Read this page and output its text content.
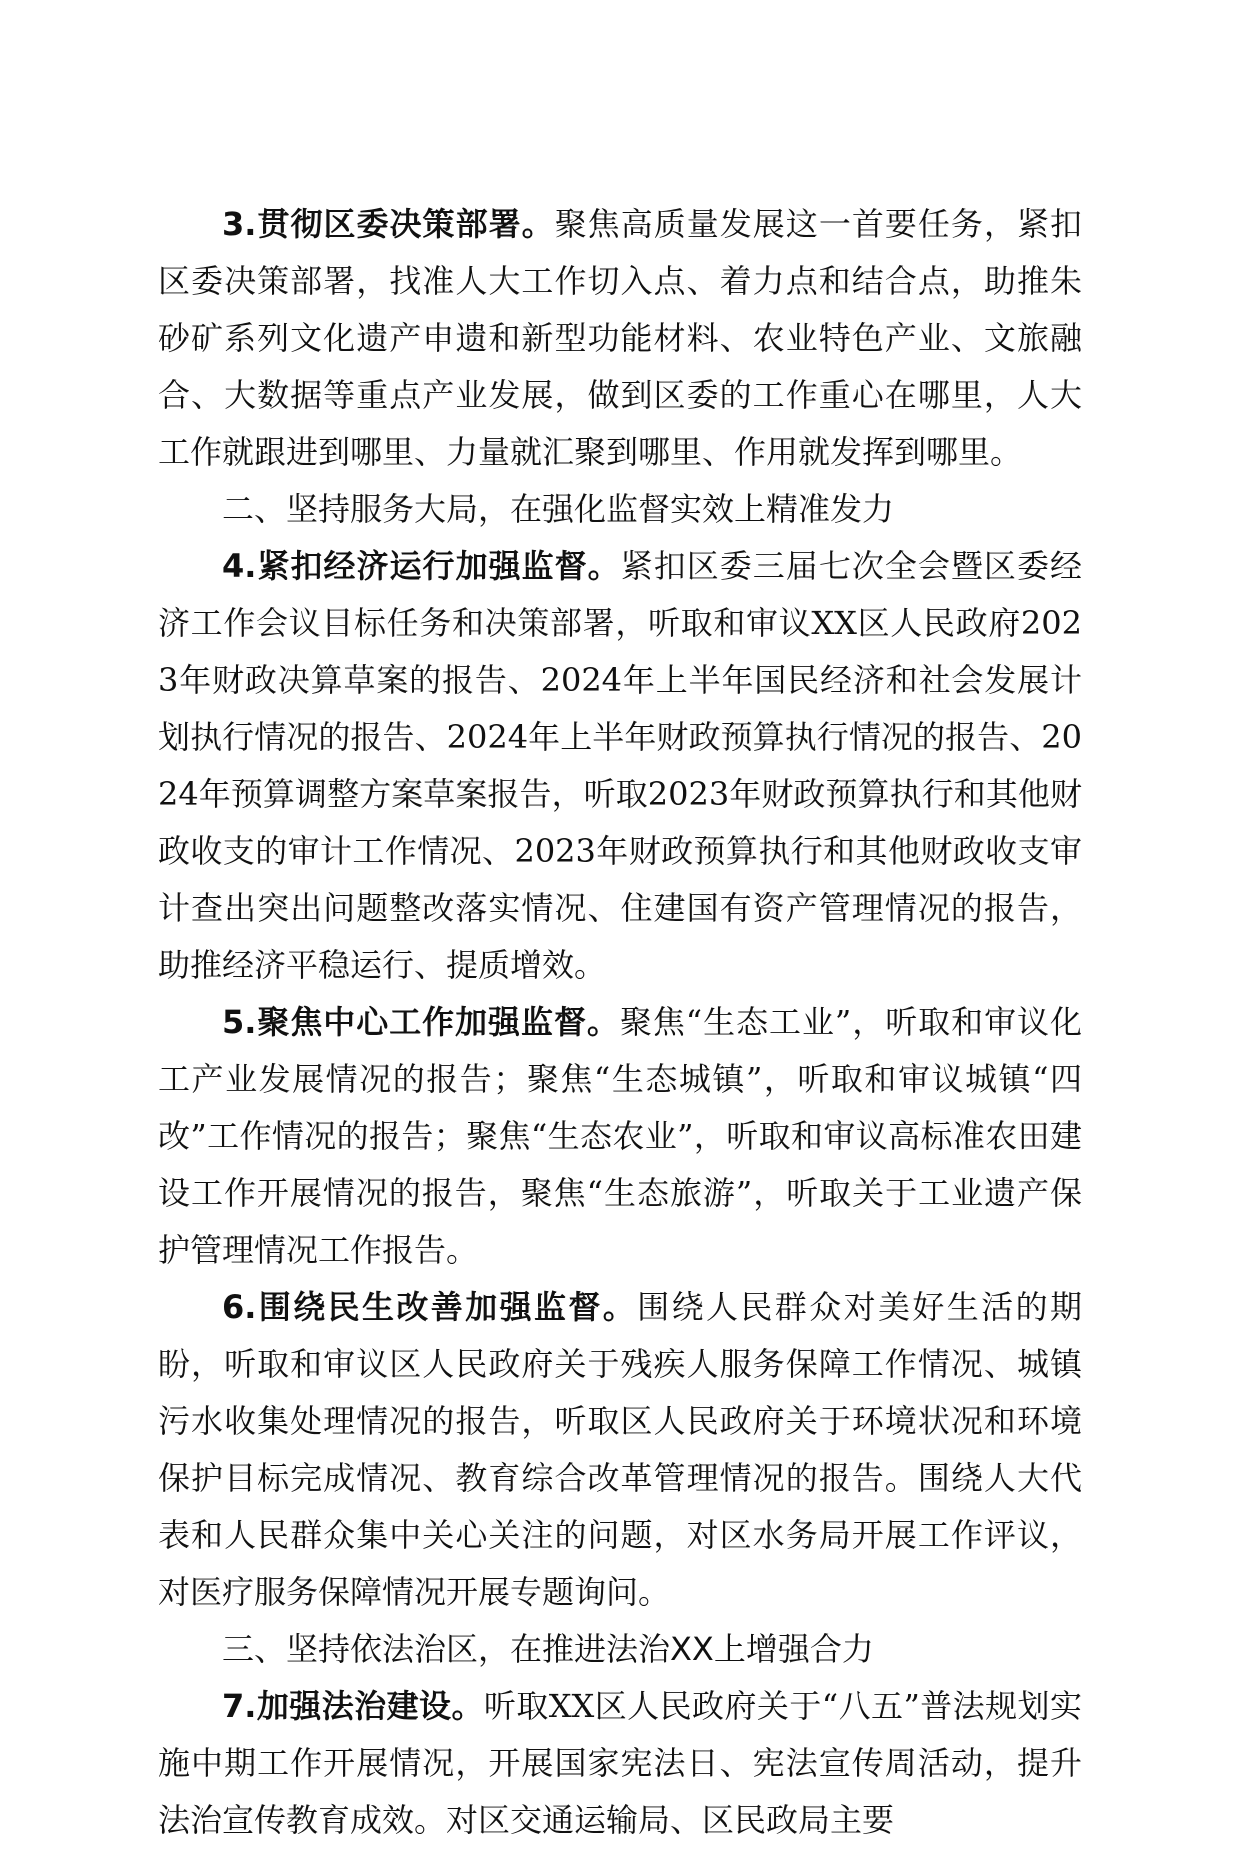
3.贯彻区委决策部署。聚焦高质量发展这一首要任务，紧扣区委决策部署，找准人大工作切入点、着力点和结合点，助推朱砂矿系列文化遗产申遗和新型功能材料、农业特色产业、文旅融合、大数据等重点产业发展，做到区委的工作重心在哪里，人大工作就跟进到哪里、力量就汇聚到哪里、作用就发挥到哪里。

二、坚持服务大局，在强化监督实效上精准发力

4.紧扣经济运行加强监督。紧扣区委三届七次全会暨区委经济工作会议目标任务和决策部署，听取和审议XX区人民政府2023年财政决算草案的报告、2024年上半年国民经济和社会发展计划执行情况的报告、2024年上半年财政预算执行情况的报告、2024年预算调整方案草案报告，听取2023年财政预算执行和其他财政收支的审计工作情况、2023年财政预算执行和其他财政收支审计查出突出问题整改落实情况、住建国有资产管理情况的报告，助推经济平稳运行、提质增效。

5.聚焦中心工作加强监督。聚焦“生态工业”，听取和审议化工产业发展情况的报告；聚焦“生态城镇”，听取和审议城镇“四改”工作情况的报告；聚焦“生态农业”，听取和审议高标准农田建设工作开展情况的报告，聚焦“生态旅游”，听取关于工业遗产保护管理情况工作报告。

6.围绕民生改善加强监督。围绕人民群众对美好生活的期盼，听取和审议区人民政府关于残疾人服务保障工作情况、城镇污水收集处理情况的报告，听取区人民政府关于环境状况和环境保护目标完成情况、教育综合改革管理情况的报告。围绕人大代表和人民群众集中关心关注的问题，对区水务局开展工作评议，对医疗服务保障情况开展专题询问。

三、坚持依法治区，在推进法治XX上增强合力

7.加强法治建设。听取XX区人民政府关于“八五”普法规划实施中期工作开展情况，开展国家宪法日、宪法宣传周活动，提升法治宣传教育成效。对区交通运输局、区民政局主要
